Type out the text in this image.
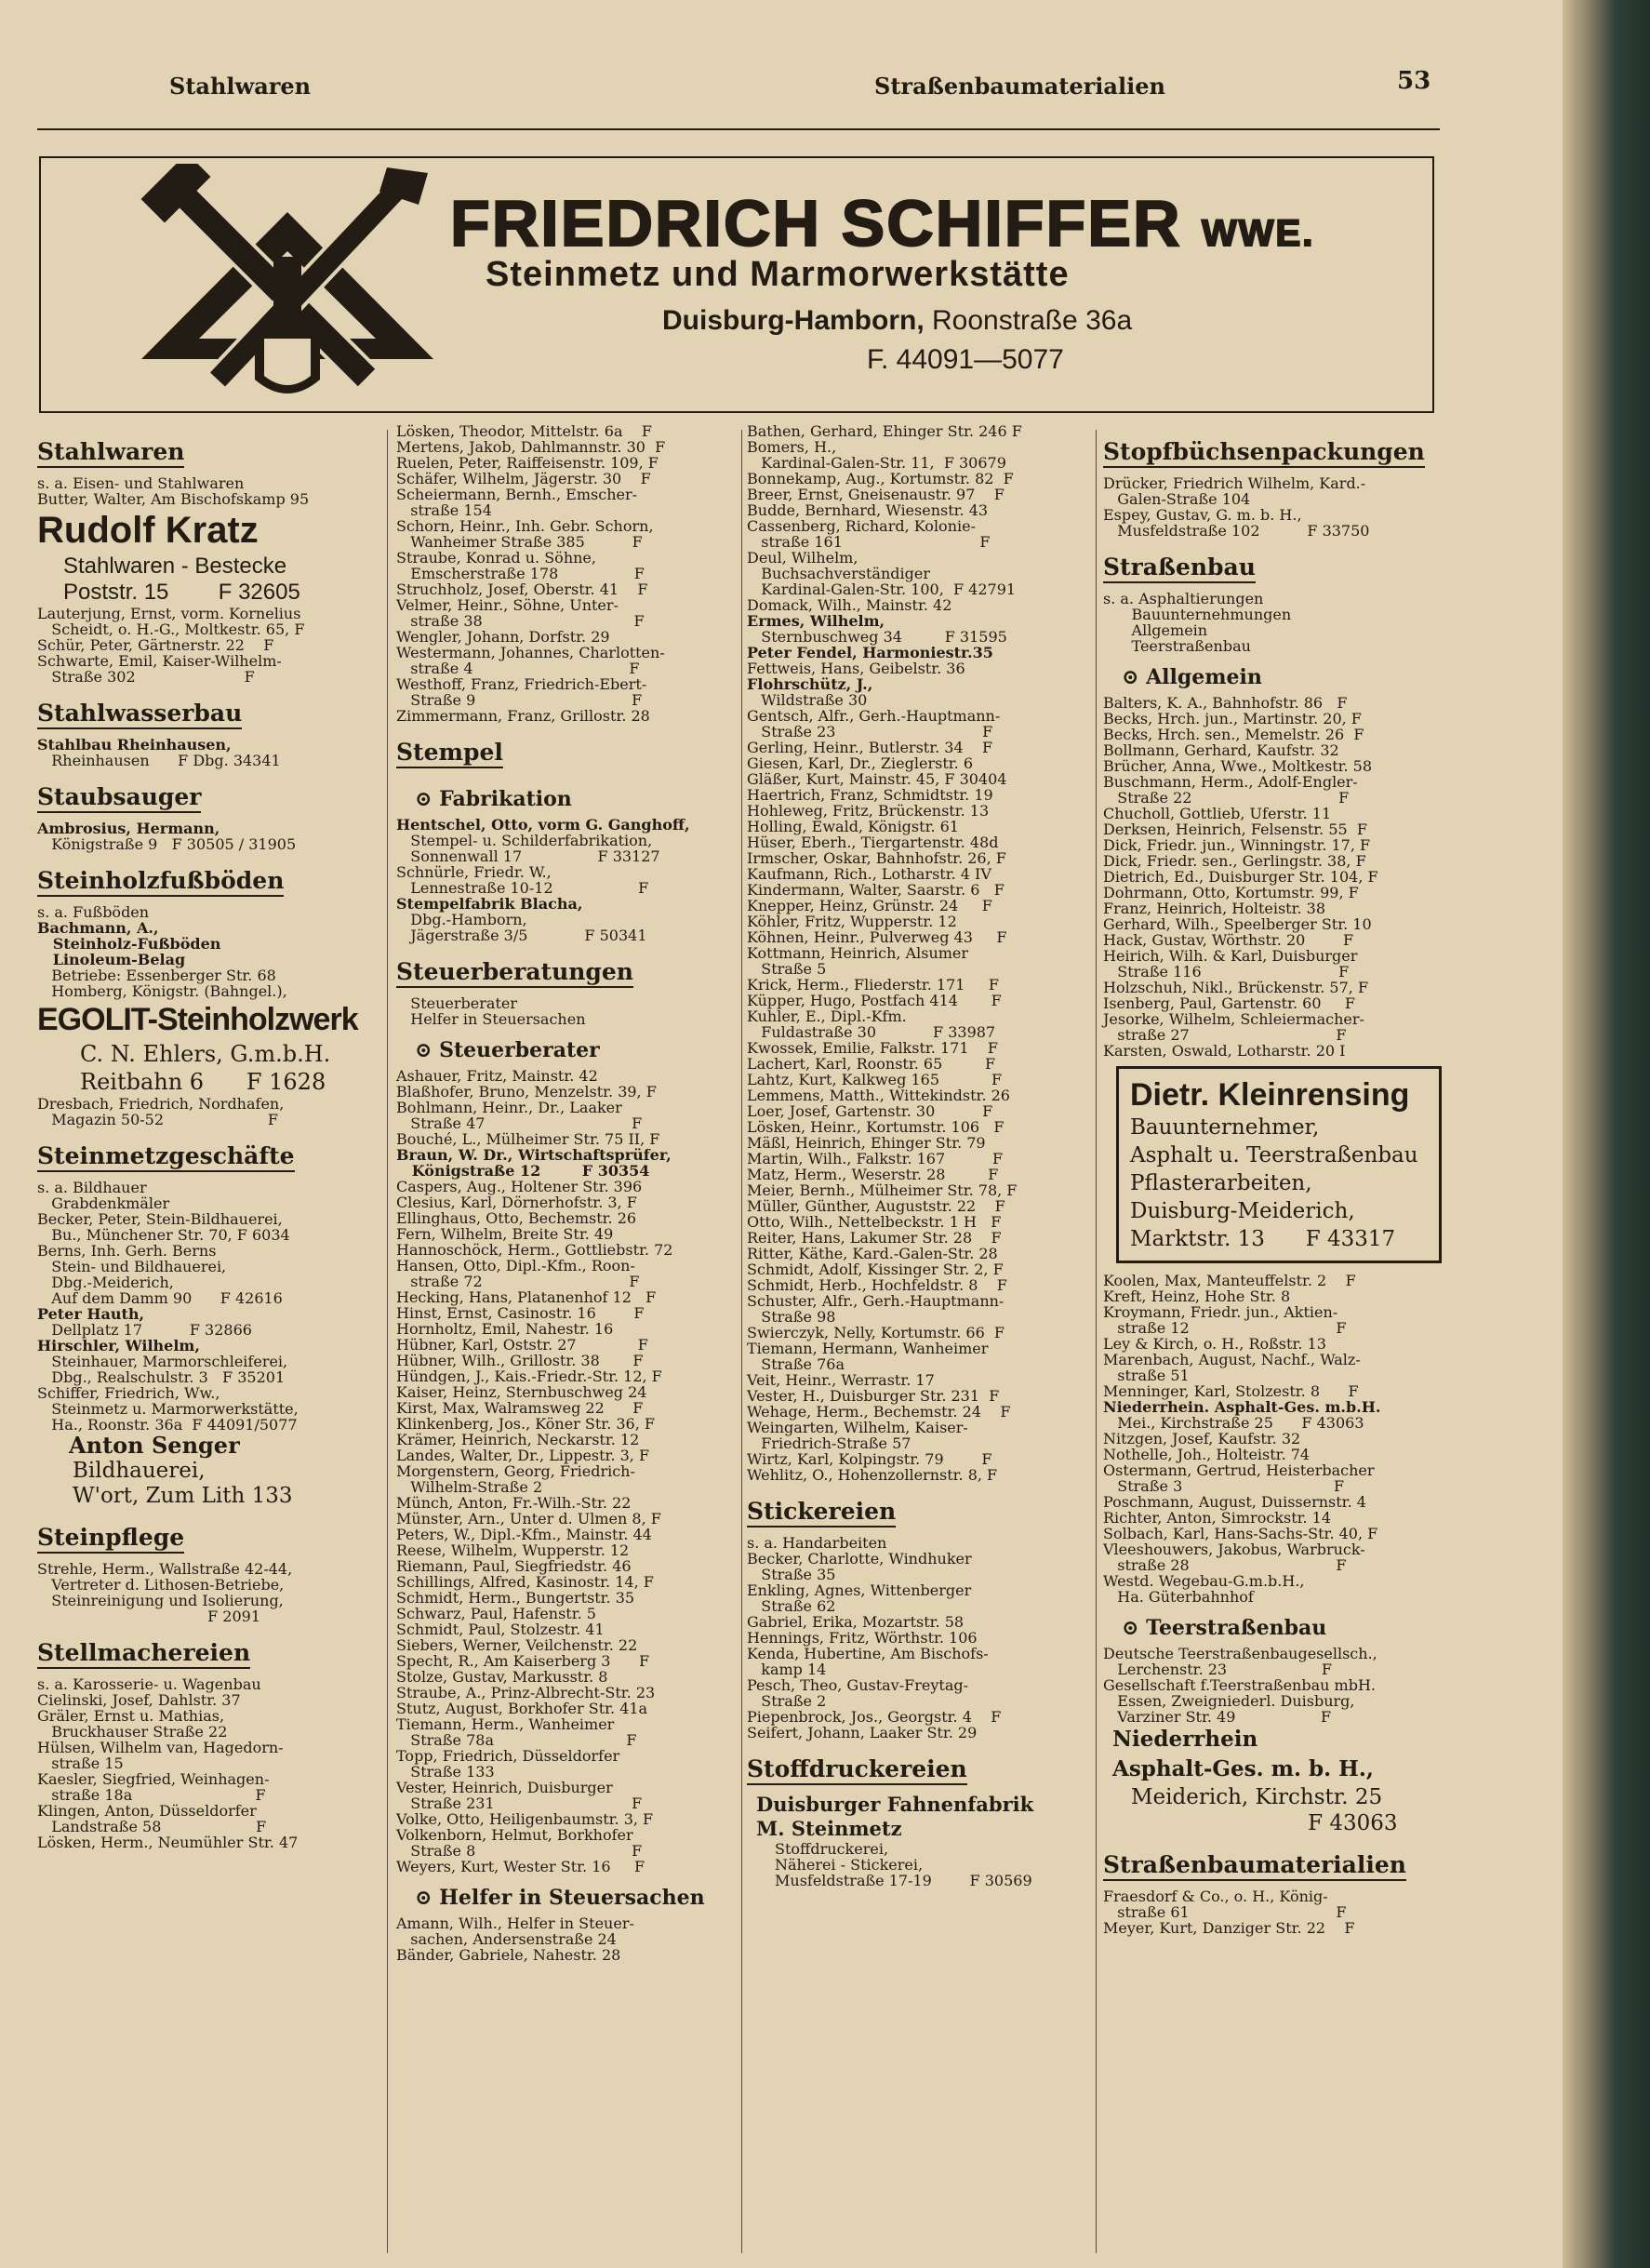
Stahlwaren	Straßenbaumaterialien	53
FRIEDRICH SCHIFFER WWE.
Steinmetz und Marmorwerkstätte
Duisburg-Hamborn, Roonstraße 36a
F. 44091—5077
Stahlwaren
s. a. Eisen- und Stahlwaren
Butter, Walter, Am Bischofskamp 95
Rudolf Kratz
Stahlwaren - Bestecke
Poststr. 15        F 32605
Lauterjung, Ernst, vorm. Kornelius
Scheidt, o. H.-G., Moltkestr. 65, F
Schür, Peter, Gärtnerstr. 22    F
Schwarte, Emil, Kaiser-Wilhelm-
Straße 302                       F
Stahlwasserbau
Stahlbau Rheinhausen,
Rheinhausen      F Dbg. 34341
Staubsauger
Ambrosius, Hermann,
Königstraße 9   F 30505 / 31905
Steinholzfußböden
s. a. Fußböden
Bachmann, A.,
Steinholz-Fußböden
Linoleum-Belag
Betriebe: Essenberger Str. 68
Homberg, Königstr. (Bahngel.),
EGOLIT-Steinholzwerk
C. N. Ehlers, G.m.b.H.
Reitbahn 6      F 1628
Dresbach, Friedrich, Nordhafen,
Magazin 50-52                      F
Steinmetzgeschäfte
s. a. Bildhauer
Grabdenkmäler
Becker, Peter, Stein-Bildhauerei,
Bu., Münchener Str. 70, F 6034
Berns, Inh. Gerh. Berns
Stein- und Bildhauerei,
Dbg.-Meiderich,
Auf dem Damm 90      F 42616
Peter Hauth,
Dellplatz 17          F 32866
Hirschler, Wilhelm,
Steinhauer, Marmorschleiferei,
Dbg., Realschulstr. 3   F 35201
Schiffer, Friedrich, Ww.,
Steinmetz u. Marmorwerkstätte,
Ha., Roonstr. 36a  F 44091/5077
Anton Senger
Bildhauerei,
W'ort, Zum Lith 133
Steinpflege
Strehle, Herm., Wallstraße 42-44,
Vertreter d. Lithosen-Betriebe,
Steinreinigung und Isolierung,
F 2091
Stellmachereien
s. a. Karosserie- u. Wagenbau
Cielinski, Josef, Dahlstr. 37
Gräler, Ernst u. Mathias,
Bruckhauser Straße 22
Hülsen, Wilhelm van, Hagedorn-
straße 15
Kaesler, Siegfried, Weinhagen-
straße 18a                          F
Klingen, Anton, Düsseldorfer
Landstraße 58                    F
Lösken, Herm., Neumühler Str. 47
Lösken, Theodor, Mittelstr. 6a    F
Mertens, Jakob, Dahlmannstr. 30  F
Ruelen, Peter, Raiffeisenstr. 109, F
Schäfer, Wilhelm, Jägerstr. 30    F
Scheiermann, Bernh., Emscher-
straße 154
Schorn, Heinr., Inh. Gebr. Schorn,
Wanheimer Straße 385          F
Straube, Konrad u. Söhne,
Emscherstraße 178                F
Struchholz, Josef, Oberstr. 41    F
Velmer, Heinr., Söhne, Unter-
straße 38                                F
Wengler, Johann, Dorfstr. 29
Westermann, Johannes, Charlotten-
straße 4                                 F
Westhoff, Franz, Friedrich-Ebert-
Straße 9                                 F
Zimmermann, Franz, Grillostr. 28
Stempel
⊙ Fabrikation
Hentschel, Otto, vorm G. Ganghoff,
Stempel- u. Schilderfabrikation,
Sonnenwall 17                F 33127
Schnürle, Friedr. W.,
Lennestraße 10-12                  F
Stempelfabrik Blacha,
Dbg.-Hamborn,
Jägerstraße 3/5            F 50341
Steuerberatungen
Steuerberater
Helfer in Steuersachen
⊙ Steuerberater
Ashauer, Fritz, Mainstr. 42
Blaßhofer, Bruno, Menzelstr. 39, F
Bohlmann, Heinr., Dr., Laaker
Straße 47                               F
Bouché, L., Mülheimer Str. 75 II, F
Braun, W. Dr., Wirtschaftsprüfer,
Königstraße 12        F 30354
Caspers, Aug., Holtener Str. 396
Clesius, Karl, Dörnerhofstr. 3, F
Ellinghaus, Otto, Bechemstr. 26
Fern, Wilhelm, Breite Str. 49
Hannoschöck, Herm., Gottliebstr. 72
Hansen, Otto, Dipl.-Kfm., Roon-
straße 72                               F
Hecking, Hans, Platanenhof 12   F
Hinst, Ernst, Casinostr. 16        F
Hornholtz, Emil, Nahestr. 16
Hübner, Karl, Oststr. 27             F
Hübner, Wilh., Grillostr. 38       F
Hündgen, J., Kais.-Friedr.-Str. 12, F
Kaiser, Heinz, Sternbuschweg 24
Kirst, Max, Walramsweg 22      F
Klinkenberg, Jos., Köner Str. 36, F
Krämer, Heinrich, Neckarstr. 12
Landes, Walter, Dr., Lippestr. 3, F
Morgenstern, Georg, Friedrich-
Wilhelm-Straße 2
Münch, Anton, Fr.-Wilh.-Str. 22
Münster, Arn., Unter d. Ulmen 8, F
Peters, W., Dipl.-Kfm., Mainstr. 44
Reese, Wilhelm, Wupperstr. 12
Riemann, Paul, Siegfriedstr. 46
Schillings, Alfred, Kasinostr. 14, F
Schmidt, Herm., Bungertstr. 35
Schwarz, Paul, Hafenstr. 5
Schmidt, Paul, Stolzestr. 41
Siebers, Werner, Veilchenstr. 22
Specht, R., Am Kaiserberg 3      F
Stolze, Gustav, Markusstr. 8
Straube, A., Prinz-Albrecht-Str. 23
Stutz, August, Borkhofer Str. 41a
Tiemann, Herm., Wanheimer
Straße 78a                            F
Topp, Friedrich, Düsseldorfer
Straße 133
Vester, Heinrich, Duisburger
Straße 231                             F
Volke, Otto, Heiligenbaumstr. 3, F
Volkenborn, Helmut, Borkhofer
Straße 8                                 F
Weyers, Kurt, Wester Str. 16     F
⊙ Helfer in Steuersachen
Amann, Wilh., Helfer in Steuer-
sachen, Andersenstraße 24
Bänder, Gabriele, Nahestr. 28
Bathen, Gerhard, Ehinger Str. 246 F
Bomers, H.,
Kardinal-Galen-Str. 11,  F 30679
Bonnekamp, Aug., Kortumstr. 82  F
Breer, Ernst, Gneisenaustr. 97    F
Budde, Bernhard, Wiesenstr. 43
Cassenberg, Richard, Kolonie-
straße 161                             F
Deul, Wilhelm,
Buchsachverständiger
Kardinal-Galen-Str. 100,  F 42791
Domack, Wilh., Mainstr. 42
Ermes, Wilhelm,
Sternbuschweg 34         F 31595
Peter Fendel, Harmoniestr.35
Fettweis, Hans, Geibelstr. 36
Flohrschütz, J.,
Wildstraße 30
Gentsch, Alfr., Gerh.-Hauptmann-
Straße 23                               F
Gerling, Heinr., Butlerstr. 34    F
Giesen, Karl, Dr., Zieglerstr. 6
Gläßer, Kurt, Mainstr. 45, F 30404
Haertrich, Franz, Schmidtstr. 19
Hohleweg, Fritz, Brückenstr. 13
Holling, Ewald, Königstr. 61
Hüser, Eberh., Tiergartenstr. 48d
Irmscher, Oskar, Bahnhofstr. 26, F
Kaufmann, Rich., Lotharstr. 4 IV
Kindermann, Walter, Saarstr. 6   F
Knepper, Heinz, Grünstr. 24     F
Köhler, Fritz, Wupperstr. 12
Köhnen, Heinr., Pulverweg 43     F
Kottmann, Heinrich, Alsumer
Straße 5
Krick, Herm., Fliederstr. 171     F
Küpper, Hugo, Postfach 414       F
Kuhler, E., Dipl.-Kfm.
Fuldastraße 30            F 33987
Kwossek, Emilie, Falkstr. 171    F
Lachert, Karl, Roonstr. 65         F
Lahtz, Kurt, Kalkweg 165           F
Lemmens, Matth., Wittekindstr. 26
Loer, Josef, Gartenstr. 30          F
Lösken, Heinr., Kortumstr. 106   F
Mäßl, Heinrich, Ehinger Str. 79
Martin, Wilh., Falkstr. 167          F
Matz, Herm., Weserstr. 28         F
Meier, Bernh., Mülheimer Str. 78, F
Müller, Günther, Auguststr. 22    F
Otto, Wilh., Nettelbeckstr. 1 H   F
Reiter, Hans, Lakumer Str. 28    F
Ritter, Käthe, Kard.-Galen-Str. 28
Schmidt, Adolf, Kissinger Str. 2, F
Schmidt, Herb., Hochfeldstr. 8    F
Schuster, Alfr., Gerh.-Hauptmann-
Straße 98
Swierczyk, Nelly, Kortumstr. 66  F
Tiemann, Hermann, Wanheimer
Straße 76a
Veit, Heinr., Werrastr. 17
Vester, H., Duisburger Str. 231  F
Wehage, Herm., Bechemstr. 24    F
Weingarten, Wilhelm, Kaiser-
Friedrich-Straße 57
Wirtz, Karl, Kolpingstr. 79        F
Wehlitz, O., Hohenzollernstr. 8, F
Stickereien
s. a. Handarbeiten
Becker, Charlotte, Windhuker
Straße 35
Enkling, Agnes, Wittenberger
Straße 62
Gabriel, Erika, Mozartstr. 58
Hennings, Fritz, Wörthstr. 106
Kenda, Hubertine, Am Bischofs-
kamp 14
Pesch, Theo, Gustav-Freytag-
Straße 2
Piepenbrock, Jos., Georgstr. 4    F
Seifert, Johann, Laaker Str. 29
Stoffdruckereien
Duisburger Fahnenfabrik
M. Steinmetz
Stoffdruckerei,
Näherei - Stickerei,
Musfeldstraße 17-19        F 30569
Stopfbüchsenpackungen
Drücker, Friedrich Wilhelm, Kard.-
Galen-Straße 104
Espey, Gustav, G. m. b. H.,
Musfeldstraße 102          F 33750
Straßenbau
s. a. Asphaltierungen
Bauunternehmungen
Allgemein
Teerstraßenbau
⊙ Allgemein
Balters, K. A., Bahnhofstr. 86   F
Becks, Hrch. jun., Martinstr. 20, F
Becks, Hrch. sen., Memelstr. 26  F
Bollmann, Gerhard, Kaufstr. 32
Brücher, Anna, Wwe., Moltkestr. 58
Buschmann, Herm., Adolf-Engler-
Straße 22                               F
Chucholl, Gottlieb, Uferstr. 11
Derksen, Heinrich, Felsenstr. 55  F
Dick, Friedr. jun., Winningstr. 17, F
Dick, Friedr. sen., Gerlingstr. 38, F
Dietrich, Ed., Duisburger Str. 104, F
Dohrmann, Otto, Kortumstr. 99, F
Franz, Heinrich, Holteistr. 38
Gerhard, Wilh., Speelberger Str. 10
Hack, Gustav, Wörthstr. 20        F
Heirich, Wilh. & Karl, Duisburger
Straße 116                             F
Holzschuh, Nikl., Brückenstr. 57, F
Isenberg, Paul, Gartenstr. 60     F
Jesorke, Wilhelm, Schleiermacher-
straße 27                               F
Karsten, Oswald, Lotharstr. 20 I
Dietr. Kleinrensing
Bauunternehmer,
Asphalt u. Teerstraßenbau
Pflasterarbeiten,
Duisburg-Meiderich,
Marktstr. 13      F 43317
Koolen, Max, Manteuffelstr. 2    F
Kreft, Heinz, Hohe Str. 8
Kroymann, Friedr. jun., Aktien-
straße 12                               F
Ley & Kirch, o. H., Roßstr. 13
Marenbach, August, Nachf., Walz-
straße 51
Menninger, Karl, Stolzestr. 8      F
Niederrhein. Asphalt-Ges. m.b.H.
Mei., Kirchstraße 25      F 43063
Nitzgen, Josef, Kaufstr. 32
Nothelle, Joh., Holteistr. 74
Ostermann, Gertrud, Heisterbacher
Straße 3                                F
Poschmann, August, Duissernstr. 4
Richter, Anton, Simrockstr. 14
Solbach, Karl, Hans-Sachs-Str. 40, F
Vleeshouwers, Jakobus, Warbruck-
straße 28                               F
Westd. Wegebau-G.m.b.H.,
Ha. Güterbahnhof
⊙ Teerstraßenbau
Deutsche Teerstraßenbaugesellsch.,
Lerchenstr. 23                    F
Gesellschaft f.Teerstraßenbau mbH.
Essen, Zweigniederl. Duisburg,
Varziner Str. 49                  F
Niederrhein
Asphalt-Ges. m. b. H.,
Meiderich, Kirchstr. 25
F 43063
Straßenbaumaterialien
Fraesdorf & Co., o. H., König-
straße 61                               F
Meyer, Kurt, Danziger Str. 22    F
